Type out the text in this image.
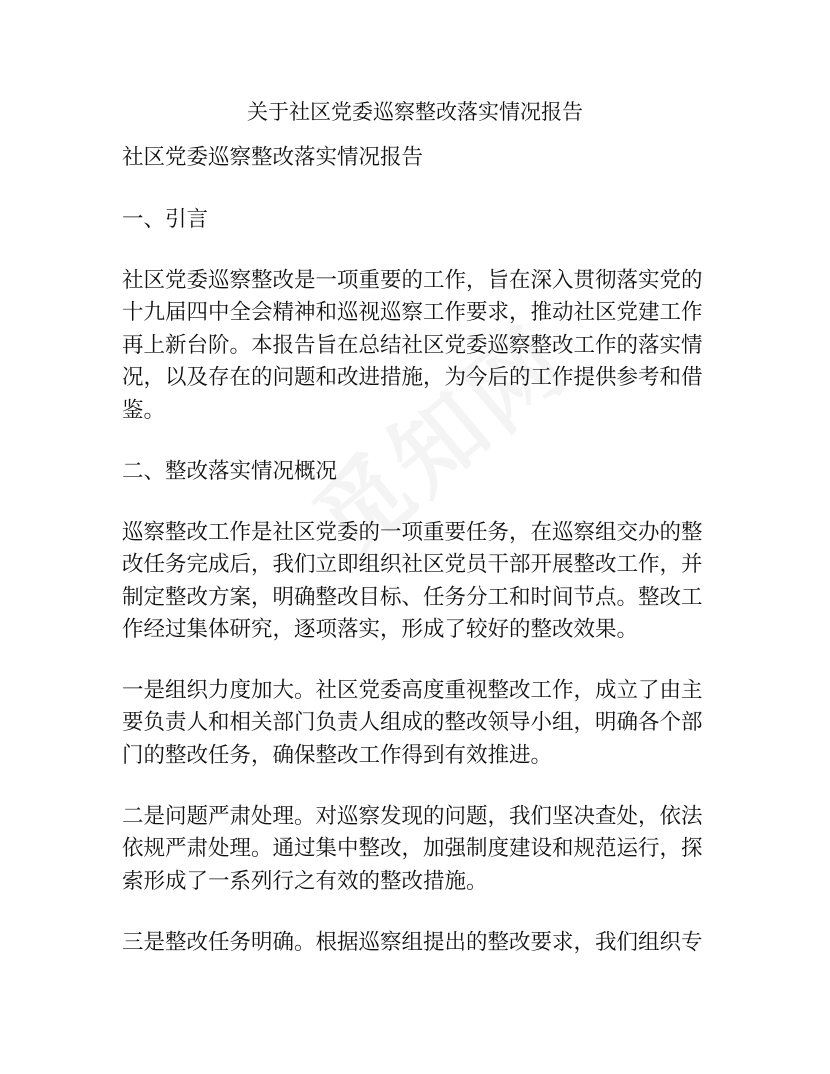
关于社区党委巡察整改落实情况报告
社区党委巡察整改落实情况报告
一、引言
社区党委巡察整改是一项重要的工作，旨在深入贯彻落实党的
十九届四中全会精神和巡视巡察工作要求，推动社区党建工作
再上新台阶。本报告旨在总结社区党委巡察整改工作的落实情
况，以及存在的问题和改进措施，为今后的工作提供参考和借
鉴。
二、整改落实情况概况
巡察整改工作是社区党委的一项重要任务，在巡察组交办的整
改任务完成后，我们立即组织社区党员干部开展整改工作，并
制定整改方案，明确整改目标、任务分工和时间节点。整改工
作经过集体研究，逐项落实，形成了较好的整改效果。
一是组织力度加大。社区党委高度重视整改工作，成立了由主
要负责人和相关部门负责人组成的整改领导小组，明确各个部
门的整改任务，确保整改工作得到有效推进。
二是问题严肃处理。对巡察发现的问题，我们坚决查处，依法
依规严肃处理。通过集中整改，加强制度建设和规范运行，探
索形成了一系列行之有效的整改措施。
三是整改任务明确。根据巡察组提出的整改要求，我们组织专
